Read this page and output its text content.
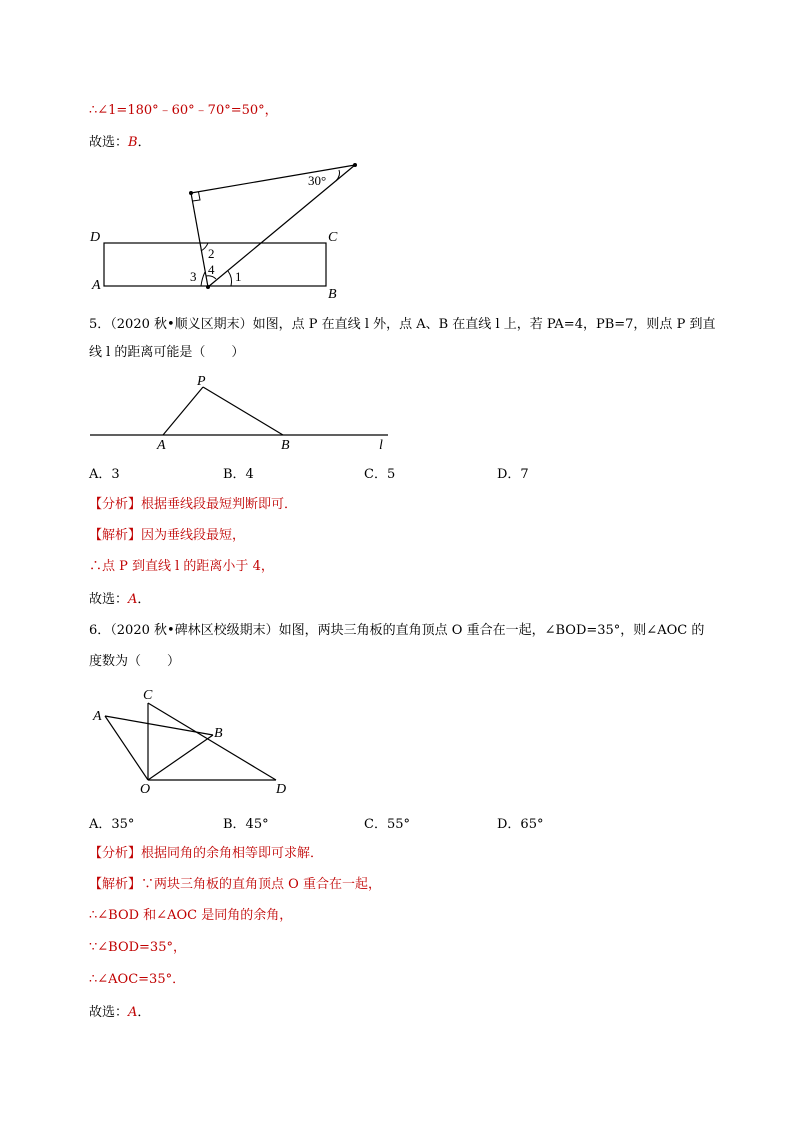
∴∠1=180°﹣60°﹣70°=50°，
故选：B．
D	C
A
B
30°
1
2
3 4
5．（2020 秋•顺义区期末）如图，点 P 在直线 l 外，点 A、B 在直线 l 上，若 PA=4，PB=7，则点 P 到直
线 l 的距离可能是（　　）
P
A	B	l
A．3	B．4	C．5	D．7
【分析】根据垂线段最短判断即可．
【解析】因为垂线段最短，
∴点 P 到直线 l 的距离小于 4，
故选：A．
6．（2020 秋•碑林区校级期末）如图，两块三角板的直角顶点 O 重合在一起，∠BOD=35°，则∠AOC 的
度数为（　　）
A
C
B
O	D
A．35°	B．45°	C．55°	D．65°
【分析】根据同角的余角相等即可求解．
【解析】∵两块三角板的直角顶点 O 重合在一起，
∴∠BOD 和∠AOC 是同角的余角，
∵∠BOD=35°，
∴∠AOC=35°．
故选：A．
